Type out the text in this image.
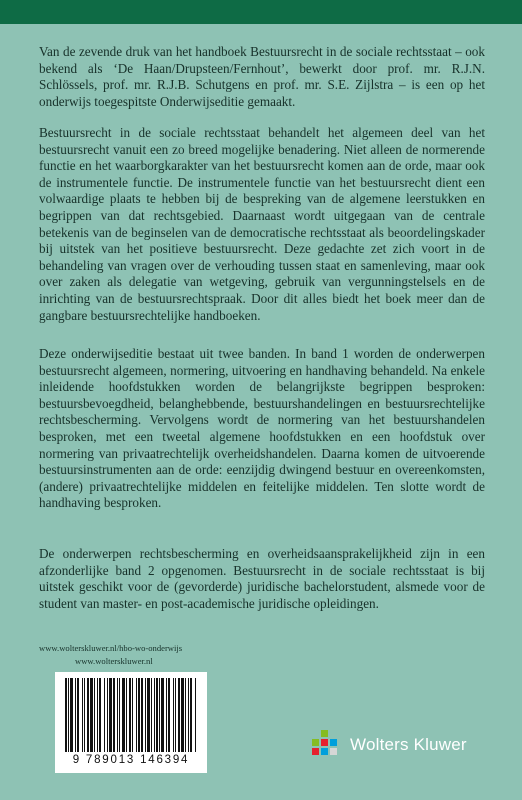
Van de zevende druk van het handboek Bestuursrecht in de sociale rechtsstaat – ook bekend als ‘De Haan/Drupsteen/Fernhout’, bewerkt door prof. mr. R.J.N. Schlössels, prof. mr. R.J.B. Schutgens en prof. mr. S.E. Zijlstra – is een op het onderwijs toegespitste Onderwijseditie gemaakt.
Bestuursrecht in de sociale rechtsstaat behandelt het algemeen deel van het bestuursrecht vanuit een zo breed mogelijke benadering. Niet alleen de normerende functie en het waarborgkarakter van het bestuursrecht komen aan de orde, maar ook de instrumentele functie. De instrumentele functie van het bestuursrecht dient een volwaardige plaats te hebben bij de bespreking van de algemene leerstukken en begrippen van dat rechtsgebied. Daarnaast wordt uitgegaan van de centrale betekenis van de beginselen van de democratische rechtsstaat als beoordelingskader bij uitstek van het positieve bestuursrecht. Deze gedachte zet zich voort in de behandeling van vragen over de verhouding tussen staat en samenleving, maar ook over zaken als delegatie van wetgeving, gebruik van vergunningstelsels en de inrichting van de bestuursrechtspraak. Door dit alles biedt het boek meer dan de gangbare bestuursrechtelijke handboeken.
Deze onderwijseditie bestaat uit twee banden. In band 1 worden de onderwerpen bestuursrecht algemeen, normering, uitvoering en handhaving behandeld. Na enkele inleidende hoofdstukken worden de belangrijkste begrippen besproken: bestuursbevoegdheid, belanghebbende, bestuurshandelingen en bestuursrechtelijke rechtsbescherming. Vervolgens wordt de normering van het bestuurshandelen besproken, met een tweetal algemene hoofdstukken en een hoofdstuk over normering van privaatrechtelijk overheidshandelen. Daarna komen de uitvoerende bestuursinstrumenten aan de orde: eenzijdig dwingend bestuur en overeenkomsten, (andere) privaatrechtelijke middelen en feitelijke middelen. Ten slotte wordt de handhaving besproken.
De onderwerpen rechtsbescherming en overheidsaansprakelijkheid zijn in een afzonderlijke band 2 opgenomen. Bestuursrecht in de sociale rechtsstaat is bij uitstek geschikt voor de (gevorderde) juridische bachelorstudent, alsmede voor de student van master- en post-academische juridische opleidingen.
www.wolterskluwer.nl/hbo-wo-onderwijs
www.wolterskluwer.nl
9 789013 146394
Wolters Kluwer
